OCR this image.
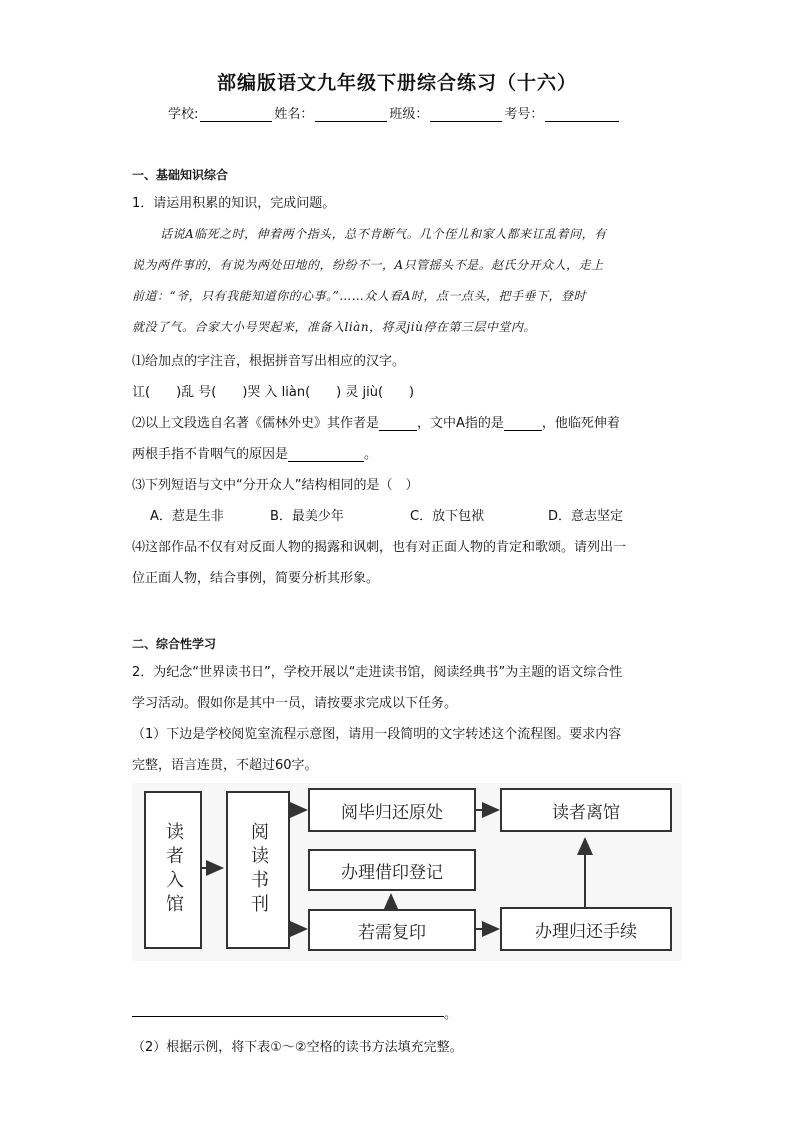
部编版语文九年级下册综合练习（十六）
学校:	姓名：	班级：	考号：
一、基础知识综合
1．请运用积累的知识，完成问题。
话说A临死之时，伸着两个指头，总不肯断气。几个侄儿和家人都来讧乱着问，有
说为两件事的，有说为两处田地的，纷纷不一，A只管摇头不是。赵氏分开众人，走上
前道：“爷，只有我能知道你的心事。”……众人看A时，点一点头，把手垂下，登时
就没了气。合家大小号哭起来，准备入liàn，将灵jiù停在第三层中堂内。
⑴给加点的字注音，根据拼音写出相应的汉字。
讧(　　)乱 号(　　)哭 入 liàn(　　) 灵 jiù(　　)
⑵以上文段选自名著《儒林外史》其作者是	，文中A指的是	，他临死伸着
两根手指不肯咽气的原因是	。
⑶下列短语与文中“分开众人”结构相同的是（　）
A．惹是生非	B．最美少年	C．放下包袱	D．意志坚定
⑷这部作品不仅有对反面人物的揭露和讽刺，也有对正面人物的肯定和歌颂。请列出一
位正面人物，结合事例，简要分析其形象。
二、综合性学习
2．为纪念“世界读书日”，学校开展以“走进读书馆，阅读经典书”为主题的语文综合性
学习活动。假如你是其中一员，请按要求完成以下任务。
（1）下边是学校阅览室流程示意图，请用一段简明的文字转述这个流程图。要求内容
完整，语言连贯，不超过60字。
读者入馆	阅读书刊
阅毕归还原处	读者离馆
办理借印登记
若需复印	办理归还手续
。
（2）根据示例，将下表①～②空格的读书方法填充完整。
